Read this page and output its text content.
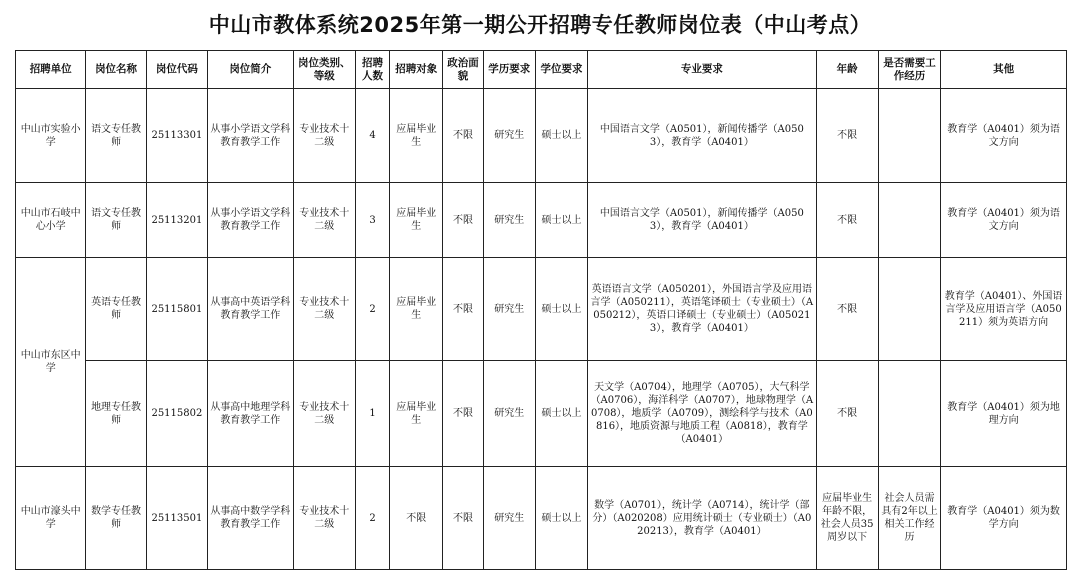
中山市教体系统2025年第一期公开招聘专任教师岗位表（中山考点）
招聘单位	岗位名称	岗位代码	岗位简介	岗位类别、等级	招聘人数	招聘对象	政治面貌	学历要求	学位要求	专业要求	年龄	是否需要工作经历	其他
中山市实验小学	语文专任教师	25113301	从事小学语文学科教育教学工作	专业技术十二级	4	应届毕业生	不限	研究生	硕士以上	中国语言文学（A0501），新闻传播学（A0503），教育学（A0401）	不限		教育学（A0401）须为语文方向
中山市石岐中心小学	语文专任教师	25113201	从事小学语文学科教育教学工作	专业技术十二级	3	应届毕业生	不限	研究生	硕士以上	中国语言文学（A0501），新闻传播学（A0503），教育学（A0401）	不限		教育学（A0401）须为语文方向
中山市东区中学	英语专任教师	25115801	从事高中英语学科教育教学工作	专业技术十二级	2	应届毕业生	不限	研究生	硕士以上	英语语言文学（A050201），外国语言学及应用语言学（A050211），英语笔译硕士（专业硕士）（A050212），英语口译硕士（专业硕士）（A050213），教育学（A0401）	不限		教育学（A0401）、外国语言学及应用语言学（A050211）须为英语方向
	地理专任教师	25115802	从事高中地理学科教育教学工作	专业技术十二级	1	应届毕业生	不限	研究生	硕士以上	天文学（A0704），地理学（A0705），大气科学（A0706），海洋科学（A0707），地球物理学（A0708），地质学（A0709），测绘科学与技术（A0816），地质资源与地质工程（A0818），教育学（A0401）	不限		教育学（A0401）须为地理方向
中山市濠头中学	数学专任教师	25113501	从事高中数学学科教育教学工作	专业技术十二级	2	不限	不限	研究生	硕士以上	数学（A0701），统计学（A0714），统计学（部分）（A020208）应用统计硕士（专业硕士）（A020213），教育学（A0401）	应届毕业生年龄不限，社会人员35周岁以下	社会人员需具有2年以上相关工作经历	教育学（A0401）须为数学方向
